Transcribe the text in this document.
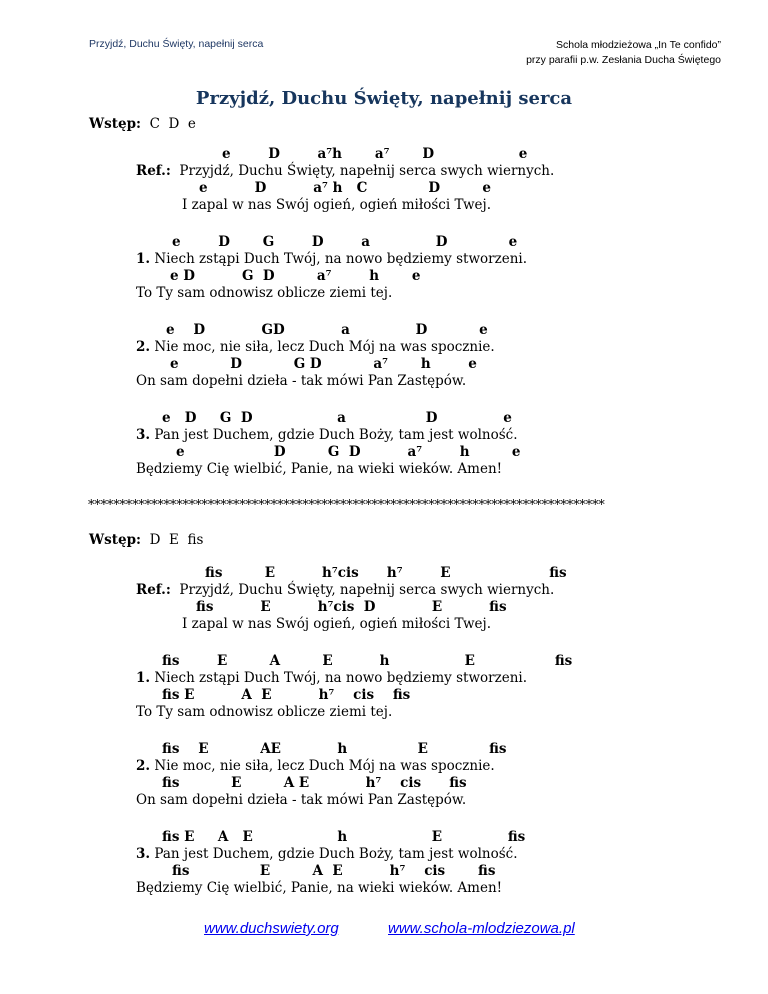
Przyjdź, Duchu Święty, napełnij serca	Schola młodzieżowa „In Te confido”
przy parafii p.w. Zesłania Ducha Świętego
Przyjdź, Duchu Święty, napełnij serca
Wstęp: C  D  e
e        D        a⁷h       a⁷       D                  e
Ref.: Przyjdź, Duchu Święty, napełnij serca swych wiernych.
e          D          a⁷ h   C             D         e
I zapal w nas Swój ogień, ogień miłości Twej.
e        D       G        D        a              D             e
1. Niech zstąpi Duch Twój, na nowo będziemy stworzeni.
e D          G  D         a⁷        h       e
To Ty sam odnowisz oblicze ziemi tej.
e    D            GD            a              D           e
2. Nie moc, nie siła, lecz Duch Mój na was spocznie.
e           D           G D           a⁷       h        e
On sam dopełni dzieła - tak mówi Pan Zastępów.
e   D     G  D                  a                 D              e
3. Pan jest Duchem, gdzie Duch Boży, tam jest wolność.
e                   D         G  D          a⁷        h         e
Będziemy Cię wielbić, Panie, na wieki wieków. Amen!
**********************************************************************************
Wstęp: D  E  fis
fis         E          h⁷cis      h⁷        E                     fis
Ref.: Przyjdź, Duchu Święty, napełnij serca swych wiernych.
fis          E          h⁷cis  D            E          fis
I zapal w nas Swój ogień, ogień miłości Twej.
fis        E         A         E          h                E                 fis
1. Niech zstąpi Duch Twój, na nowo będziemy stworzeni.
fis E          A  E          h⁷    cis    fis
To Ty sam odnowisz oblicze ziemi tej.
fis    E           AE            h               E             fis
2. Nie moc, nie siła, lecz Duch Mój na was spocznie.
fis           E         A E            h⁷    cis      fis
On sam dopełni dzieła - tak mówi Pan Zastępów.
fis E     A   E                  h                  E              fis
3. Pan jest Duchem, gdzie Duch Boży, tam jest wolność.
fis               E         A  E          h⁷    cis       fis
Będziemy Cię wielbić, Panie, na wieki wieków. Amen!
www.duchswiety.org	www.schola-mlodziezowa.pl
